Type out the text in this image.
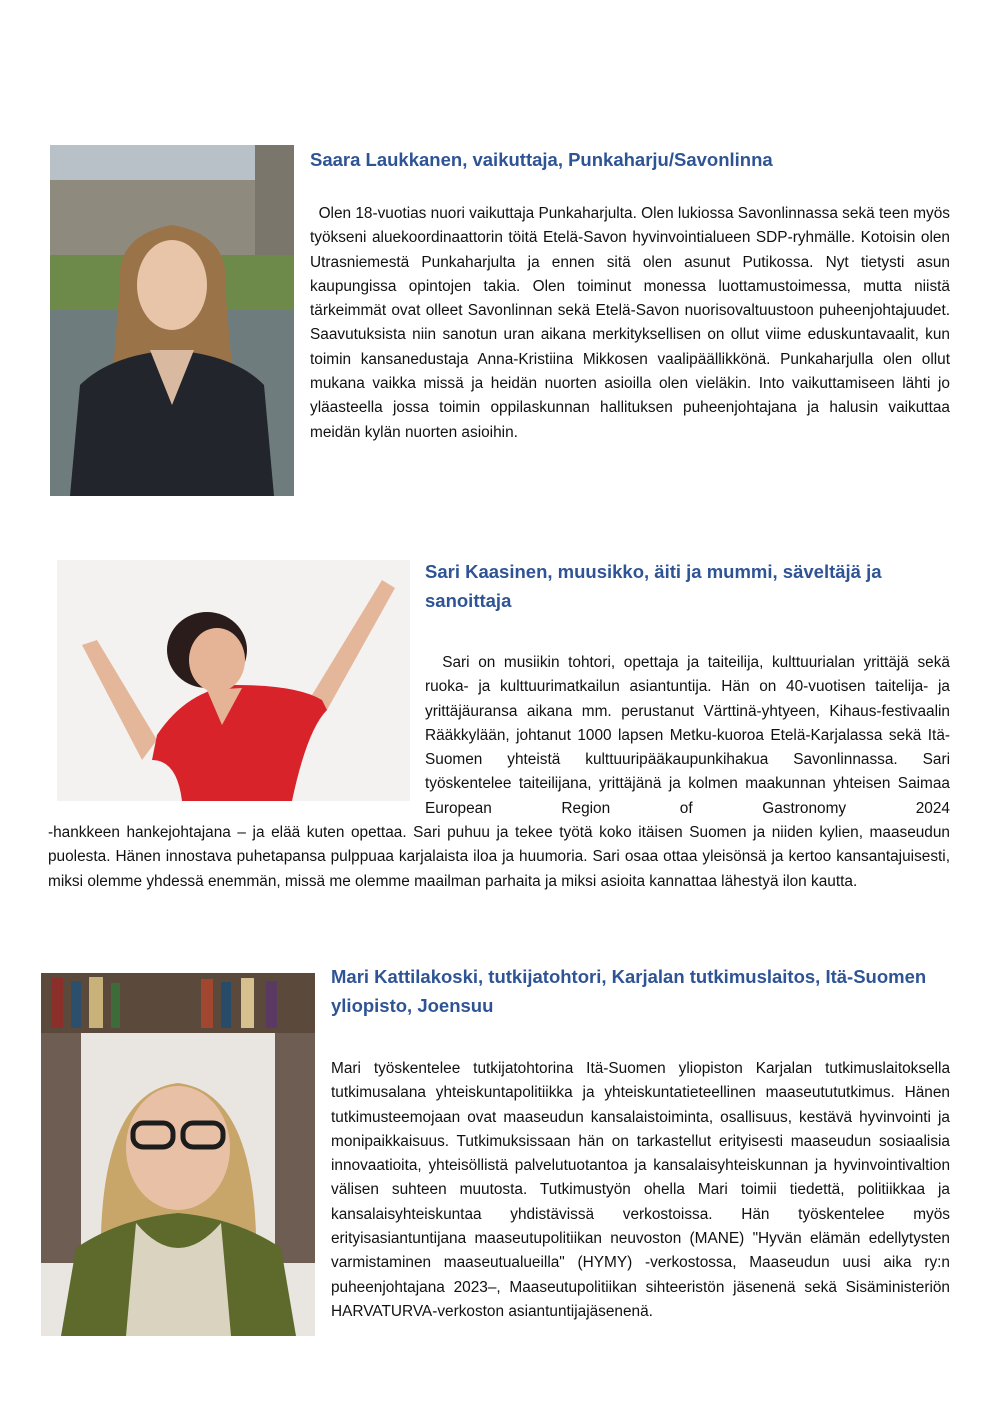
Saara Laukkanen, vaikuttaja, Punkaharju/Savonlinna

Olen 18-vuotias nuori vaikuttaja Punkaharjulta. Olen lukiossa Savonlinnassa sekä teen myös työkseni aluekoordinaattorin töitä Etelä-Savon hyvinvointialueen SDP-ryhmälle. Kotoisin olen Utrasniemestä Punkaharjulta ja ennen sitä olen asunut Putikossa. Nyt tietysti asun kaupungissa opintojen takia. Olen toiminut monessa luottamustoimessa, mutta niistä tärkeimmät ovat olleet Savonlinnan sekä Etelä-Savon nuorisovaltuustoon puheenjohtajuudet. Saavutuksista niin sanotun uran aikana merkityksellisen on ollut viime eduskuntavaalit, kun toimin kansanedustaja Anna-Kristiina Mikkosen vaalipäällikkönä. Punkaharjulla olen ollut mukana vaikka missä ja heidän nuorten asioilla olen vieläkin. Into vaikuttamiseen lähti jo yläasteella jossa toimin oppilaskunnan hallituksen puheenjohtajana ja halusin vaikuttaa meidän kylän nuorten asioihin.

Sari Kaasinen, muusikko, äiti ja mummi, säveltäjä ja sanoittaja

Sari on musiikin tohtori, opettaja ja taiteilija, kulttuurialan yrittäjä sekä ruoka- ja kulttuurimatkailun asiantuntija. Hän on 40-vuotisen taitelija- ja yrittäjäuransa aikana mm. perustanut Värttinä-yhtyeen, Kihaus-festivaalin Rääkkylään, johtanut 1000 lapsen Metku-kuoroa Etelä-Karjalassa sekä Itä-Suomen yhteistä kulttuuripääkaupunkihakua Savonlinnassa. Sari työskentelee taiteilijana, yrittäjänä ja kolmen maakunnan yhteisen Saimaa European Region of Gastronomy 2024

-hankkeen hankejohtajana – ja elää kuten opettaa. Sari puhuu ja tekee työtä koko itäisen Suomen ja niiden kylien, maaseudun puolesta. Hänen innostava puhetapansa pulppuaa karjalaista iloa ja huumoria. Sari osaa ottaa yleisönsä ja kertoo kansantajuisesti, miksi olemme yhdessä enemmän, missä me olemme maailman parhaita ja miksi asioita kannattaa lähestyä ilon kautta.

Mari Kattilakoski, tutkijatohtori, Karjalan tutkimuslaitos, Itä-Suomen yliopisto, Joensuu

Mari työskentelee tutkijatohtorina Itä-Suomen yliopiston Karjalan tutkimuslaitoksella tutkimusalana yhteiskuntapolitiikka ja yhteiskuntatieteellinen maaseutututkimus. Hänen tutkimusteemojaan ovat maaseudun kansalaistoiminta, osallisuus, kestävä hyvinvointi ja monipaikkaisuus. Tutkimuksissaan hän on tarkastellut erityisesti maaseudun sosiaalisia innovaatioita, yhteisöllistä palvelutuotantoa ja kansalaisyhteiskunnan ja hyvinvointivaltion välisen suhteen muutosta. Tutkimustyön ohella Mari toimii tiedettä, politiikkaa ja kansalaisyhteiskuntaa yhdistävissä verkostoissa. Hän työskentelee myös erityisasiantuntijana maaseutupolitiikan neuvoston (MANE) "Hyvän elämän edellytysten varmistaminen maaseutualueilla" (HYMY) -verkostossa, Maaseudun uusi aika ry:n puheenjohtajana 2023–, Maaseutupolitiikan sihteeristön jäsenenä sekä Sisäministeriön HARVATURVA-verkoston asiantuntijajäsenenä.
